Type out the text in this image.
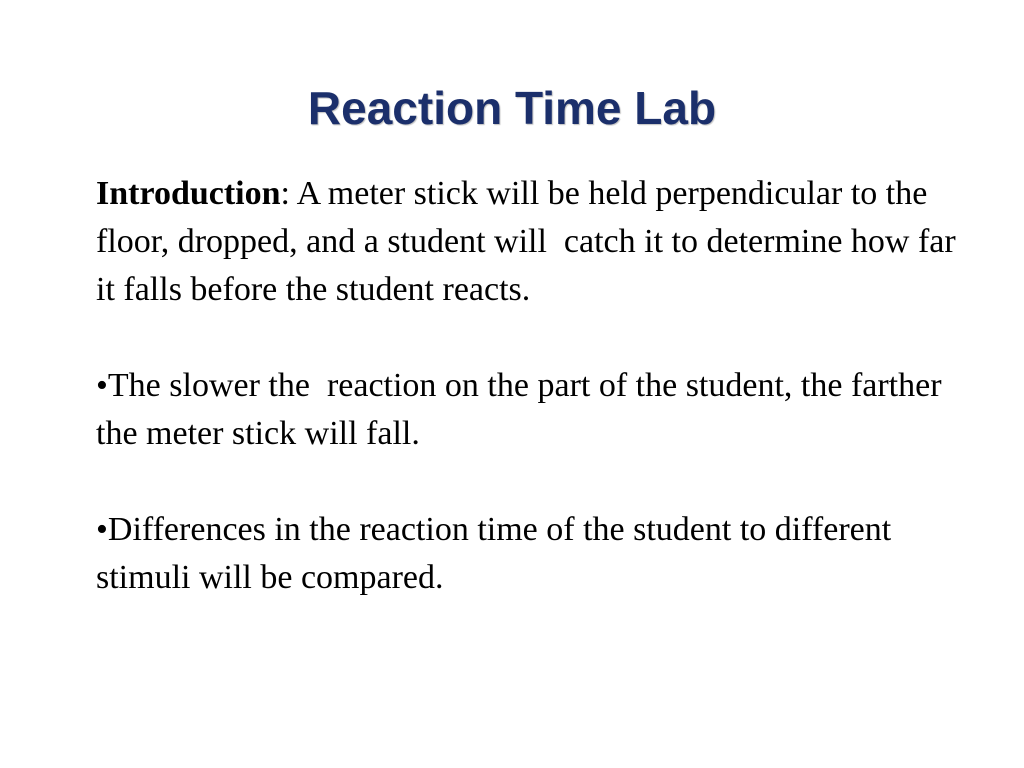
Reaction Time Lab

Introduction: A meter stick will be held perpendicular to the floor, dropped, and a student will  catch it to determine how far it falls before the student reacts.

•The slower the  reaction on the part of the student, the farther the meter stick will fall.

•Differences in the reaction time of the student to different stimuli will be compared.
